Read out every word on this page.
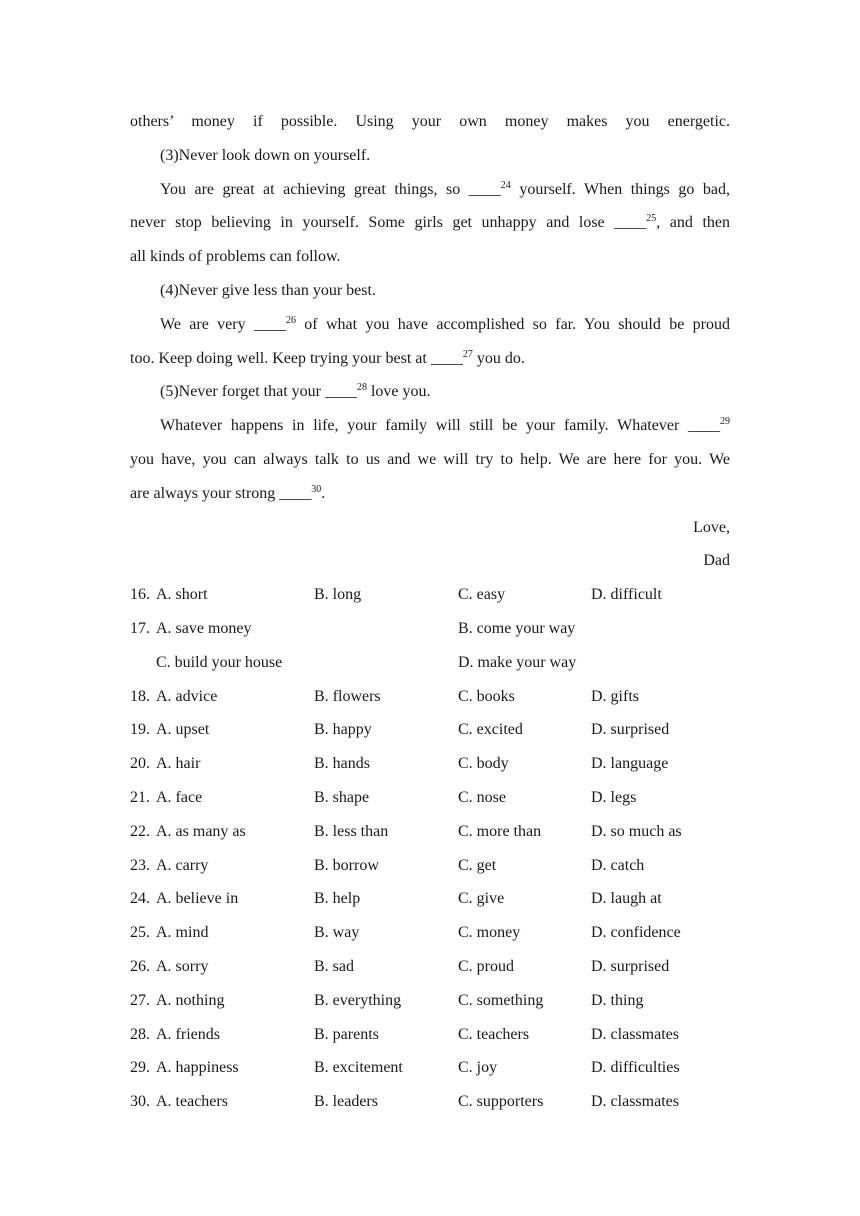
others’ money if possible. Using your own money makes you energetic.
(3)Never look down on yourself.
You are great at achieving great things, so ____$^{24}$ yourself. When things go bad,
never stop believing in yourself. Some girls get unhappy and lose ____$^{25}$, and then
all kinds of problems can follow.
(4)Never give less than your best.
We are very ____$^{26}$ of what you have accomplished so far. You should be proud
too. Keep doing well. Keep trying your best at ____$^{27}$ you do.
(5)Never forget that your ____$^{28}$ love you.
Whatever happens in life, your family will still be your family. Whatever ____$^{29}$
you have, you can always talk to us and we will try to help. We are here for you. We
are always your strong ____$^{30}$.
Love,
Dad
16. A. short	B. long	C. easy	D. difficult
17. A. save money	B. come your way
C. build your house	D. make your way
18. A. advice	B. flowers	C. books	D. gifts
19. A. upset	B. happy	C. excited	D. surprised
20. A. hair	B. hands	C. body	D. language
21. A. face	B. shape	C. nose	D. legs
22. A. as many as	B. less than	C. more than	D. so much as
23. A. carry	B. borrow	C. get	D. catch
24. A. believe in	B. help	C. give	D. laugh at
25. A. mind	B. way	C. money	D. confidence
26. A. sorry	B. sad	C. proud	D. surprised
27. A. nothing	B. everything	C. something	D. thing
28. A. friends	B. parents	C. teachers	D. classmates
29. A. happiness	B. excitement	C. joy	D. difficulties
30. A. teachers	B. leaders	C. supporters	D. classmates
